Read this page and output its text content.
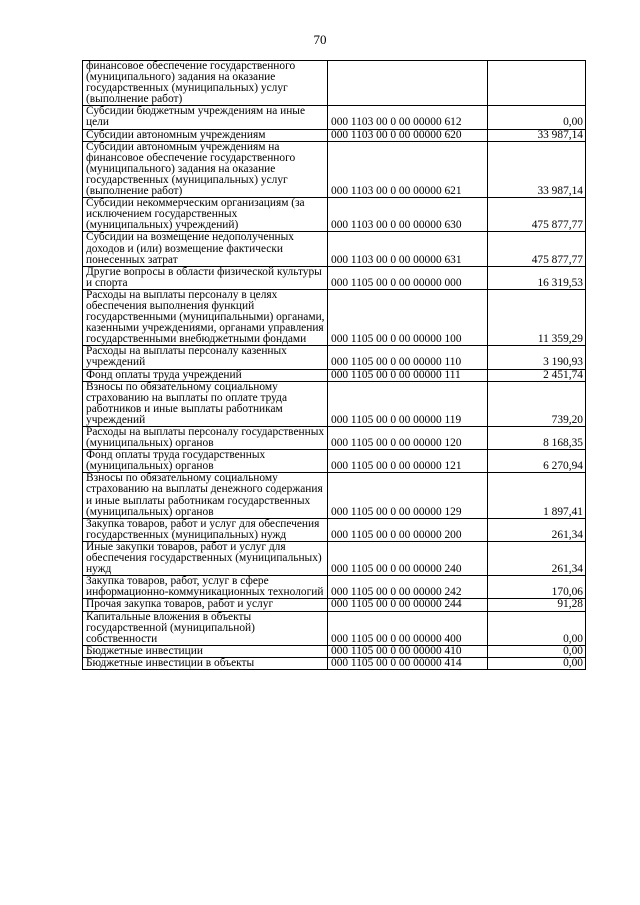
70
финансовое обеспечение государственного (муниципального) задания на оказание государственных (муниципальных) услуг (выполнение работ)		
Субсидии бюджетным учреждениям на иные цели	000 1103 00 0 00 00000 612	0,00
Субсидии автономным учреждениям	000 1103 00 0 00 00000 620	33 987,14
Субсидии автономным учреждениям на финансовое обеспечение государственного (муниципального) задания на оказание государственных (муниципальных) услуг (выполнение работ)	000 1103 00 0 00 00000 621	33 987,14
Субсидии некоммерческим организациям (за исключением государственных (муниципальных) учреждений)	000 1103 00 0 00 00000 630	475 877,77
Субсидии на возмещение недополученных доходов и (или) возмещение фактически понесенных затрат	000 1103 00 0 00 00000 631	475 877,77
Другие вопросы в области физической культуры и спорта	000 1105 00 0 00 00000 000	16 319,53
Расходы на выплаты персоналу в целях обеспечения выполнения функций государственными (муниципальными) органами, казенными учреждениями, органами управления государственными внебюджетными фондами	000 1105 00 0 00 00000 100	11 359,29
Расходы на выплаты персоналу казенных учреждений	000 1105 00 0 00 00000 110	3 190,93
Фонд оплаты труда учреждений	000 1105 00 0 00 00000 111	2 451,74
Взносы по обязательному социальному страхованию на выплаты по оплате труда работников и иные выплаты работникам учреждений	000 1105 00 0 00 00000 119	739,20
Расходы на выплаты персоналу государственных (муниципальных) органов	000 1105 00 0 00 00000 120	8 168,35
Фонд оплаты труда государственных (муниципальных) органов	000 1105 00 0 00 00000 121	6 270,94
Взносы по обязательному социальному страхованию на выплаты денежного содержания и иные выплаты работникам государственных (муниципальных) органов	000 1105 00 0 00 00000 129	1 897,41
Закупка товаров, работ и услуг для обеспечения государственных (муниципальных) нужд	000 1105 00 0 00 00000 200	261,34
Иные закупки товаров, работ и услуг для обеспечения государственных (муниципальных) нужд	000 1105 00 0 00 00000 240	261,34
Закупка товаров, работ, услуг в сфере информационно-коммуникационных технологий	000 1105 00 0 00 00000 242	170,06
Прочая закупка товаров, работ и услуг	000 1105 00 0 00 00000 244	91,28
Капитальные вложения в объекты государственной (муниципальной) собственности	000 1105 00 0 00 00000 400	0,00
Бюджетные инвестиции	000 1105 00 0 00 00000 410	0,00
Бюджетные инвестиции в объекты	000 1105 00 0 00 00000 414	0,00
